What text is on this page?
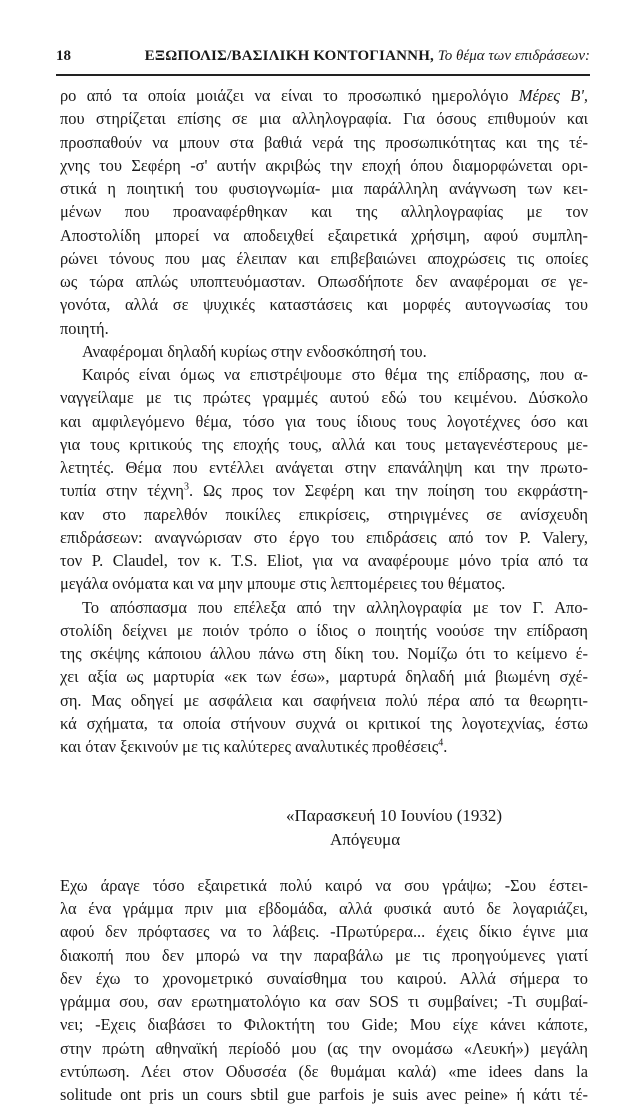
18	ΕΞΩΠΟΛΙΣ/ΒΑΣΙΛΙΚΗ ΚΟΝΤΟΓΙΑΝΝΗ, Το θέμα των επιδράσεων:
ρο από τα οποία μοιάζει να είναι το προσωπικό ημερολόγιο Μέρες Β',
που στηρίζεται επίσης σε μια αλληλογραφία. Για όσους επιθυμούν και
προσπαθούν να μπουν στα βαθιά νερά της προσωπικότητας και της τέ-
χνης του Σεφέρη -σ' αυτήν ακριβώς την εποχή όπου διαμορφώνεται ορι-
στικά η ποιητική του φυσιογνωμία- μια παράλληλη ανάγνωση των κει-
μένων που προαναφέρθηκαν και της αλληλογραφίας με τον
Αποστολίδη μπορεί να αποδειχθεί εξαιρετικά χρήσιμη, αφού συμπλη-
ρώνει τόνους που μας έλειπαν και επιβεβαιώνει αποχρώσεις τις οποίες
ως τώρα απλώς υποπτευόμασταν. Οπωσδήποτε δεν αναφέρομαι σε γε-
γονότα, αλλά σε ψυχικές καταστάσεις και μορφές αυτογνωσίας του
ποιητή.
Αναφέρομαι δηλαδή κυρίως στην ενδοσκόπησή του.
Καιρός είναι όμως να επιστρέψουμε στο θέμα της επίδρασης, που α-
ναγγείλαμε με τις πρώτες γραμμές αυτού εδώ του κειμένου. Δύσκολο
και αμφιλεγόμενο θέμα, τόσο για τους ίδιους τους λογοτέχνες όσο και
για τους κριτικούς της εποχής τους, αλλά και τους μεταγενέστερους με-
λετητές. Θέμα που εντέλλει ανάγεται στην επανάληψη και την πρωτο-
τυπία στην τέχνη$^3$. Ως προς τον Σεφέρη και την ποίηση του εκφράστη-
καν στο παρελθόν ποικίλες επικρίσεις, στηριγμένες σε ανίσχευδη
επιδράσεων: αναγνώρισαν στο έργο του επιδράσεις από τον P. Valery,
τον P. Claudel, τον κ. T.S. Eliot, για να αναφέρουμε μόνο τρία από τα
μεγάλα ονόματα και να μην μπουμε στις λεπτομέρειες του θέματος.
Το απόσπασμα που επέλεξα από την αλληλογραφία με τον Γ. Απο-
στολίδη δείχνει με ποιόν τρόπο ο ίδιος ο ποιητής νοούσε την επίδραση
της σκέψης κάποιου άλλου πάνω στη δίκη του. Νομίζω ότι το κείμενο έ-
χει αξία ως μαρτυρία «εκ των έσω», μαρτυρά δηλαδή μιά βιωμένη σχέ-
ση. Μας οδηγεί με ασφάλεια και σαφήνεια πολύ πέρα από τα θεωρητι-
κά σχήματα, τα οποία στήνουν συχνά οι κριτικοί της λογοτεχνίας, έστω
και όταν ξεκινούν με τις καλύτερες αναλυτικές προθέσεις$^4$.
«Παρασκευή 10 Ιουνίου (1932)
Απόγευμα
Εχω άραγε τόσο εξαιρετικά πολύ καιρό να σου γράψω; -Σου έστει-
λα ένα γράμμα πριν μια εβδομάδα, αλλά φυσικά αυτό δε λογαριάζει,
αφού δεν πρόφτασες να το λάβεις. -Πρωτύρερα... έχεις δίκιο έγινε μια
διακοπή που δεν μπορώ να την παραβάλω με τις προηγούμενες γιατί
δεν έχω το χρονομετρικό συναίσθημα του καιρού. Αλλά σήμερα το
γράμμα σου, σαν ερωτηματολόγιο κα σαν SOS τι συμβαίνει; -Τι συμβαί-
νει; -Εχεις διαβάσει το Φιλοκτήτη του Gide; Μου είχε κάνει κάποτε,
στην πρώτη αθηναϊκή περίοδό μου (ας την ονομάσω «Λευκή») μεγάλη
εντύπωση. Λέει στον Οδυσσέα (δε θυμάμαι καλά) «me idees dans la
solitude ont pris un cours sbtil gue parfois je suis avec peine» ή κάτι τέ-
